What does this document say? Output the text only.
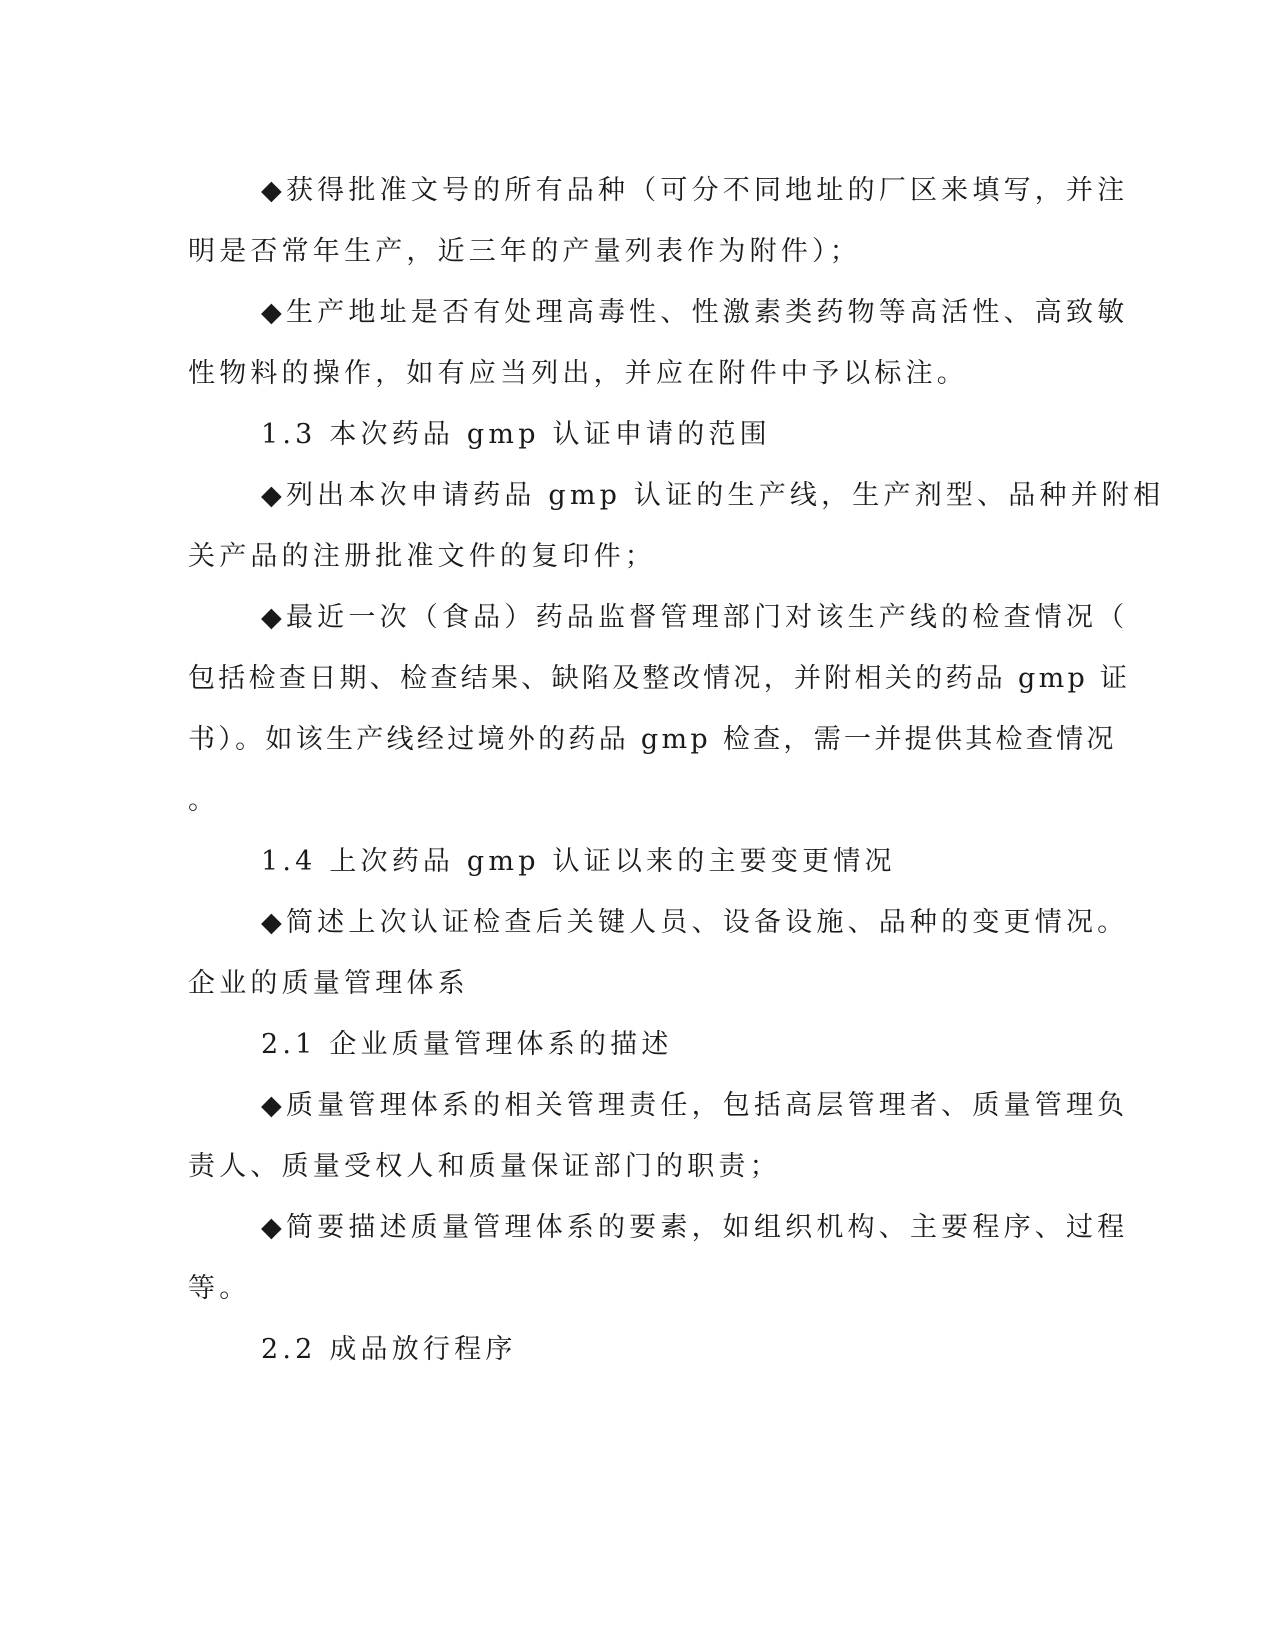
◆获得批准文号的所有品种（可分不同地址的厂区来填写，并注
明是否常年生产，近三年的产量列表作为附件）；
◆生产地址是否有处理高毒性、性激素类药物等高活性、高致敏
性物料的操作，如有应当列出，并应在附件中予以标注。
1.3 本次药品 gmp 认证申请的范围
◆列出本次申请药品 gmp 认证的生产线，生产剂型、品种并附相
关产品的注册批准文件的复印件；
◆最近一次（食品）药品监督管理部门对该生产线的检查情况（
包括检查日期、检查结果、缺陷及整改情况，并附相关的药品 gmp 证
书）。如该生产线经过境外的药品 gmp 检查，需一并提供其检查情况
。
1.4 上次药品 gmp 认证以来的主要变更情况
◆简述上次认证检查后关键人员、设备设施、品种的变更情况。
企业的质量管理体系
2.1 企业质量管理体系的描述
◆质量管理体系的相关管理责任，包括高层管理者、质量管理负
责人、质量受权人和质量保证部门的职责；
◆简要描述质量管理体系的要素，如组织机构、主要程序、过程
等。
2.2 成品放行程序
